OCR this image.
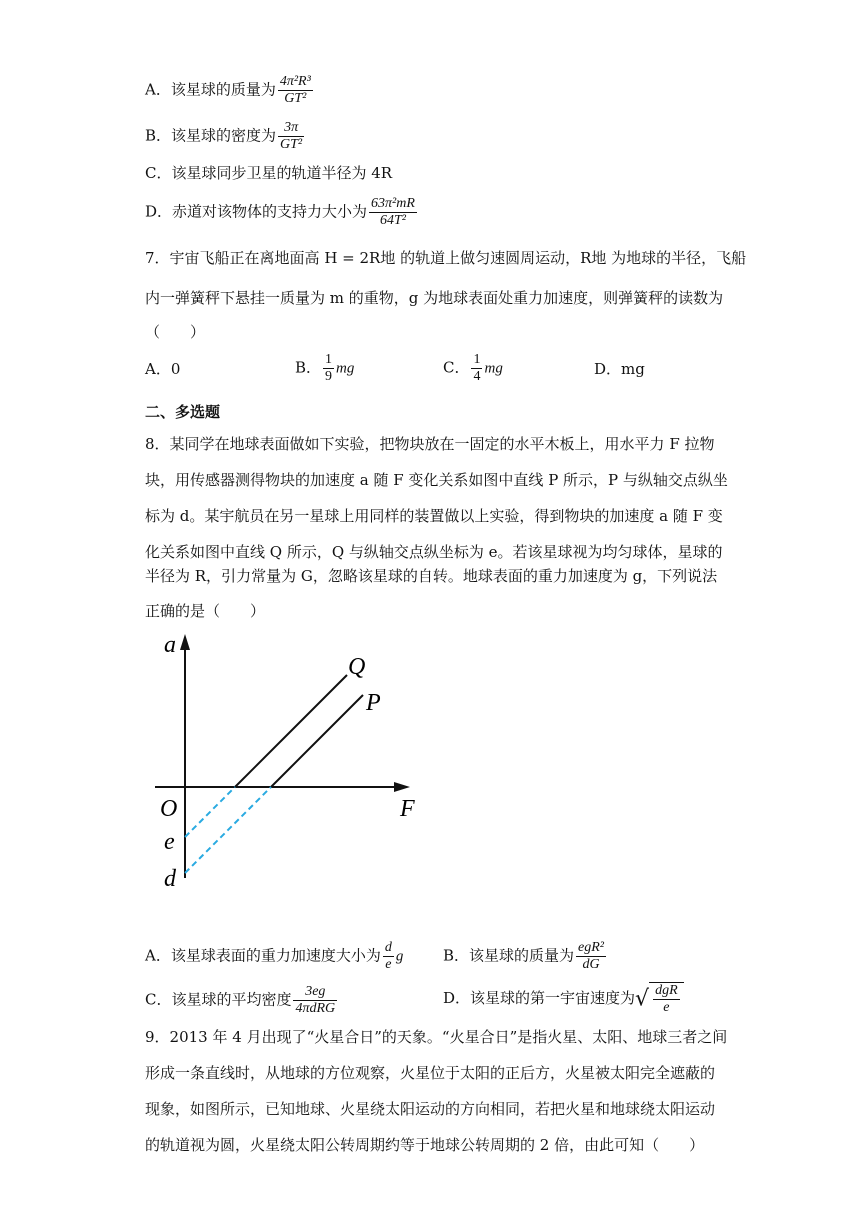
A．该星球的质量为 $\frac{\text{4π²R³}}{\text{GT²}}$
B．该星球的密度为 $\frac{3\pi}{\text{GT²}}$
C．该星球同步卫星的轨道半径为 4R
D．赤道对该物体的支持力大小为 $\frac{\text{63π²mR}}{\text{64T²}}$
7．宇宙飞船正在离地面高 H = 2R地 的轨道上做匀速圆周运动，R地 为地球的半径，飞船
内一弹簧秤下悬挂一质量为 m 的重物，g 为地球表面处重力加速度，则弹簧秤的读数为
（　　）
A．0	B． $\frac{1}{9}$ mg	C． $\frac{1}{4}$ mg	D．mg
二、多选题
8．某同学在地球表面做如下实验，把物块放在一固定的水平木板上，用水平力 F 拉物
块，用传感器测得物块的加速度 a 随 F 变化关系如图中直线 P 所示，P 与纵轴交点纵坐
标为 d。某宇航员在另一星球上用同样的装置做以上实验，得到物块的加速度 a 随 F 变
化关系如图中直线 Q 所示，Q 与纵轴交点纵坐标为 e。若该星球视为均匀球体，星球的
半径为 R，引力常量为 G，忽略该星球的自转。地球表面的重力加速度为 g，下列说法
正确的是（　　）
a
Q
P
O	F
e
d
A．该星球表面的重力加速度大小为 $\frac{d}{e}$ g	B．该星球的质量为 $\frac{\text{egR²}}{dG}$
C．该星球的平均密度 $\frac{3eg}{\text{4πdRG}}$	D．该星球的第一宇宙速度为√ $\frac{\text{dgR}}{e}$
9．2013 年 4 月出现了“火星合日”的天象。“火星合日”是指火星、太阳、地球三者之间
形成一条直线时，从地球的方位观察，火星位于太阳的正后方，火星被太阳完全遮蔽的
现象，如图所示，已知地球、火星绕太阳运动的方向相同，若把火星和地球绕太阳运动
的轨道视为圆，火星绕太阳公转周期约等于地球公转周期的 2 倍，由此可知（　　）
